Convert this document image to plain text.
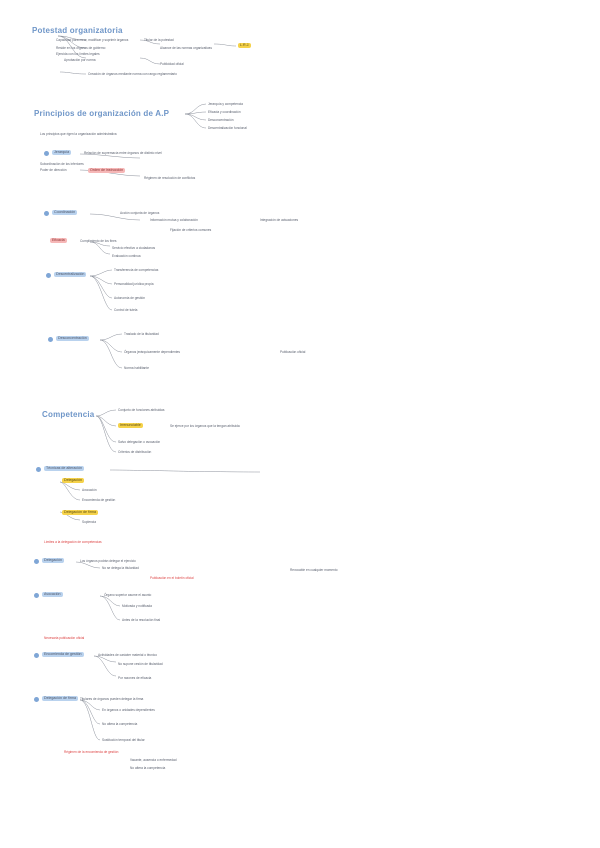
Potestad organizatoria
Capacidad para crear, modificar y suprimir órganos
Reside en los órganos de gobierno
Ejercida con los límites legales
Titular de la potestad
Alcance de las normas organizativas
L.R.J.
Aprobación por norma
Publicidad oficial
Creación de órganos mediante norma con rango reglamentario
Principios de organización de A.P
Jerarquía y competencia
Eficacia y coordinación
Desconcentración
Descentralización funcional
Los principios que rigen la organización administrativa
Jerarquía	Relación de supremacía entre órganos de distinto nivel
Subordinación de los inferiores
Poder de dirección	Orden de instrucción
Régimen de resolución de conflictos
Coordinación	Acción conjunta de órganos
Información mutua y colaboración
Fijación de criterios comunes
Integración de actuaciones
Eficacia	Cumplimiento de los fines
Servicio efectivo a ciudadanos
Evaluación continua
Descentralización
Transferencia de competencias
Personalidad jurídica propia
Autonomía de gestión
Control de tutela
Desconcentración
Traslado de la titularidad
Órganos jerárquicamente dependientes
Norma habilitante
Publicación oficial
Competencia	Conjunto de funciones atribuidas
Irrenunciable	Se ejerce por los órganos que la tengan atribuida
Salvo delegación o avocación
Criterios de distribución
Técnicas de alteración
Delegación
Avocación
Encomienda de gestión
Delegación de firma
Suplencia
Límites a la delegación de competencias
Delegación	Los órganos podrán delegar el ejercicio
No se delega la titularidad
Publicación en el boletín oficial
Revocable en cualquier momento
Avocación	Órgano superior asume el asunto
Motivada y notificada
Antes de la resolución final
Necesaria publicación oficial
Encomienda de gestión	Actividades de carácter material o técnico
No supone cesión de titularidad
Por razones de eficacia
Delegación de firma	Titulares de órganos pueden delegar la firma
En órganos o unidades dependientes
No altera la competencia
Sustitución temporal del titular
Régimen de la encomienda de gestión
Vacante, ausencia o enfermedad
No altera la competencia
